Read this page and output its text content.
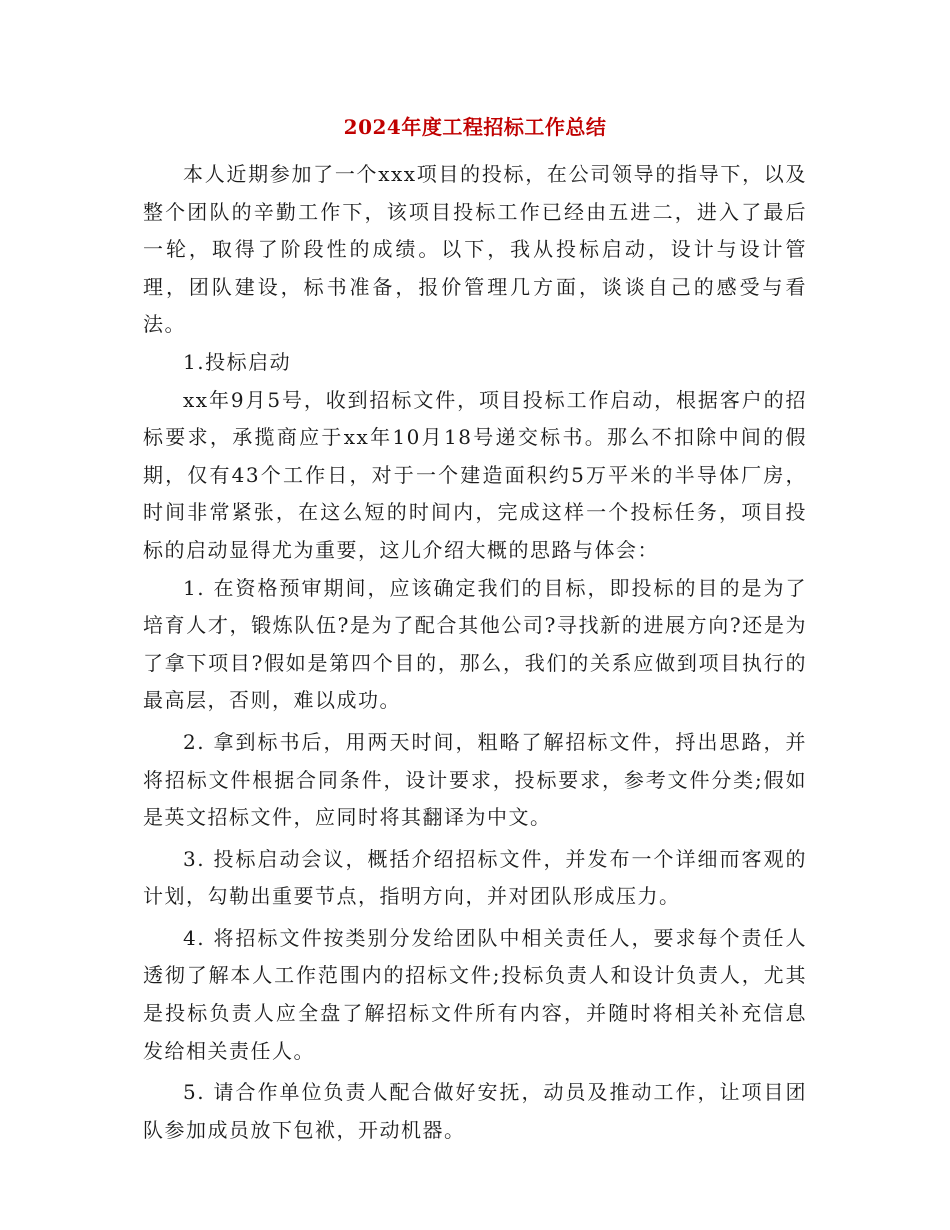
2024年度工程招标工作总结

本人近期参加了一个xxx项目的投标，在公司领导的指导下，以及整个团队的辛勤工作下，该项目投标工作已经由五进二，进入了最后一轮，取得了阶段性的成绩。以下，我从投标启动，设计与设计管理，团队建设，标书准备，报价管理几方面，谈谈自己的感受与看法。

1.投标启动

xx年9月5号，收到招标文件，项目投标工作启动，根据客户的招标要求，承揽商应于xx年10月18号递交标书。那么不扣除中间的假期，仅有43个工作日，对于一个建造面积约5万平米的半导体厂房，时间非常紧张，在这么短的时间内，完成这样一个投标任务，项目投标的启动显得尤为重要，这儿介绍大概的思路与体会：

1. 在资格预审期间，应该确定我们的目标，即投标的目的是为了培育人才，锻炼队伍?是为了配合其他公司?寻找新的进展方向?还是为了拿下项目?假如是第四个目的，那么，我们的关系应做到项目执行的最高层，否则，难以成功。

2. 拿到标书后，用两天时间，粗略了解招标文件，捋出思路，并将招标文件根据合同条件，设计要求，投标要求，参考文件分类;假如是英文招标文件，应同时将其翻译为中文。

3. 投标启动会议，概括介绍招标文件，并发布一个详细而客观的计划，勾勒出重要节点，指明方向，并对团队形成压力。

4. 将招标文件按类别分发给团队中相关责任人，要求每个责任人透彻了解本人工作范围内的招标文件;投标负责人和设计负责人，尤其是投标负责人应全盘了解招标文件所有内容，并随时将相关补充信息发给相关责任人。

5. 请合作单位负责人配合做好安抚，动员及推动工作，让项目团队参加成员放下包袱，开动机器。
